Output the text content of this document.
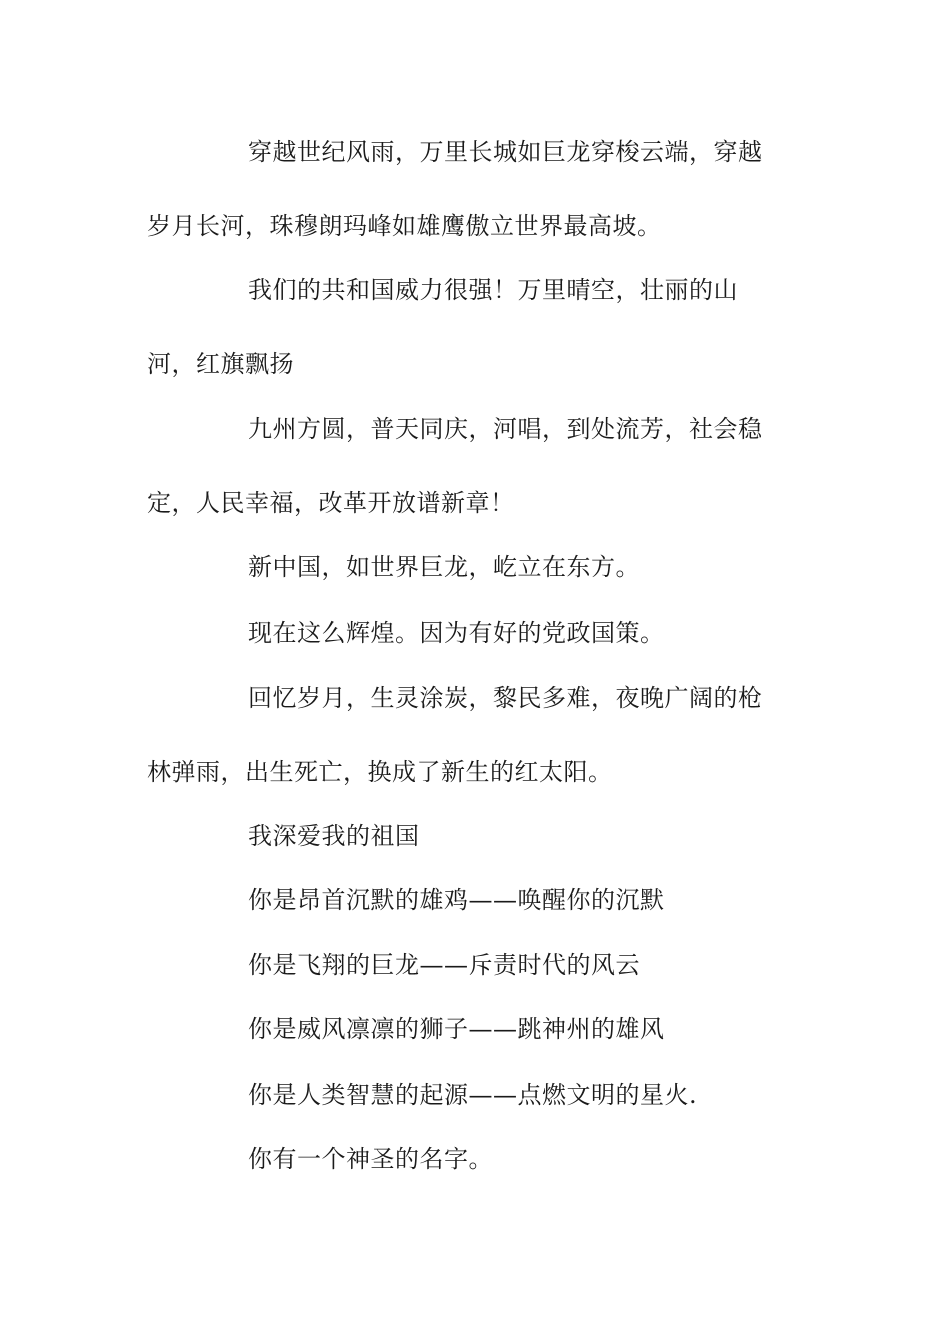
穿越世纪风雨，万里长城如巨龙穿梭云端，穿越
岁月长河，珠穆朗玛峰如雄鹰傲立世界最高坡。
我们的共和国威力很强！万里晴空，壮丽的山
河，红旗飘扬
九州方圆，普天同庆，河唱，到处流芳，社会稳
定，人民幸福，改革开放谱新章！
新中国，如世界巨龙，屹立在东方。
现在这么辉煌。因为有好的党政国策。
回忆岁月，生灵涂炭，黎民多难，夜晚广阔的枪
林弹雨，出生死亡，换成了新生的红太阳。
我深爱我的祖国
你是昂首沉默的雄鸡——唤醒你的沉默
你是飞翔的巨龙——斥责时代的风云
你是威风凛凛的狮子——跳神州的雄风
你是人类智慧的起源——点燃文明的星火.
你有一个神圣的名字。
